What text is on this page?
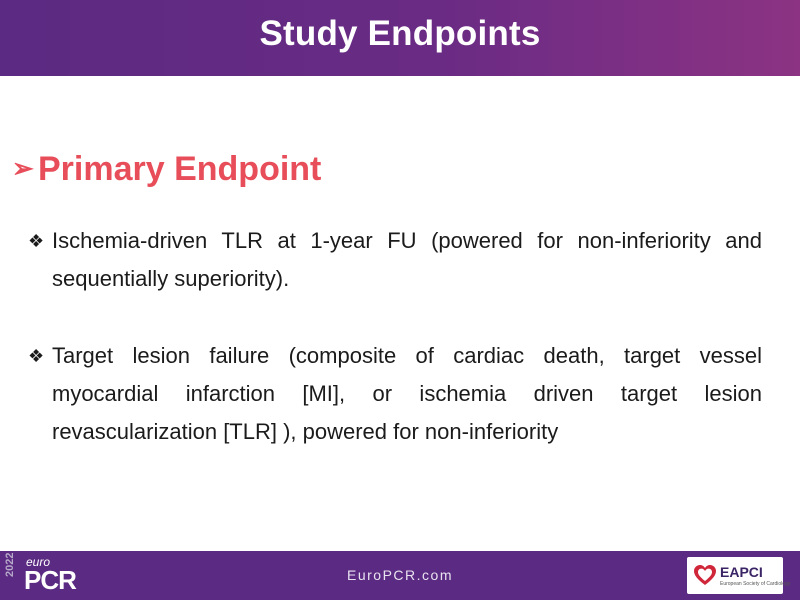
Study Endpoints
➢ Primary Endpoint
❖ Ischemia-driven TLR at 1-year FU (powered for non-inferiority and sequentially superiority).
❖ Target lesion failure (composite of cardiac death, target vessel myocardial infarction [MI], or ischemia driven target lesion revascularization [TLR] ), powered for non-inferiority
euro
2022
PCR	EuroPCR.com	EAPCI
European Society of Cardiology
